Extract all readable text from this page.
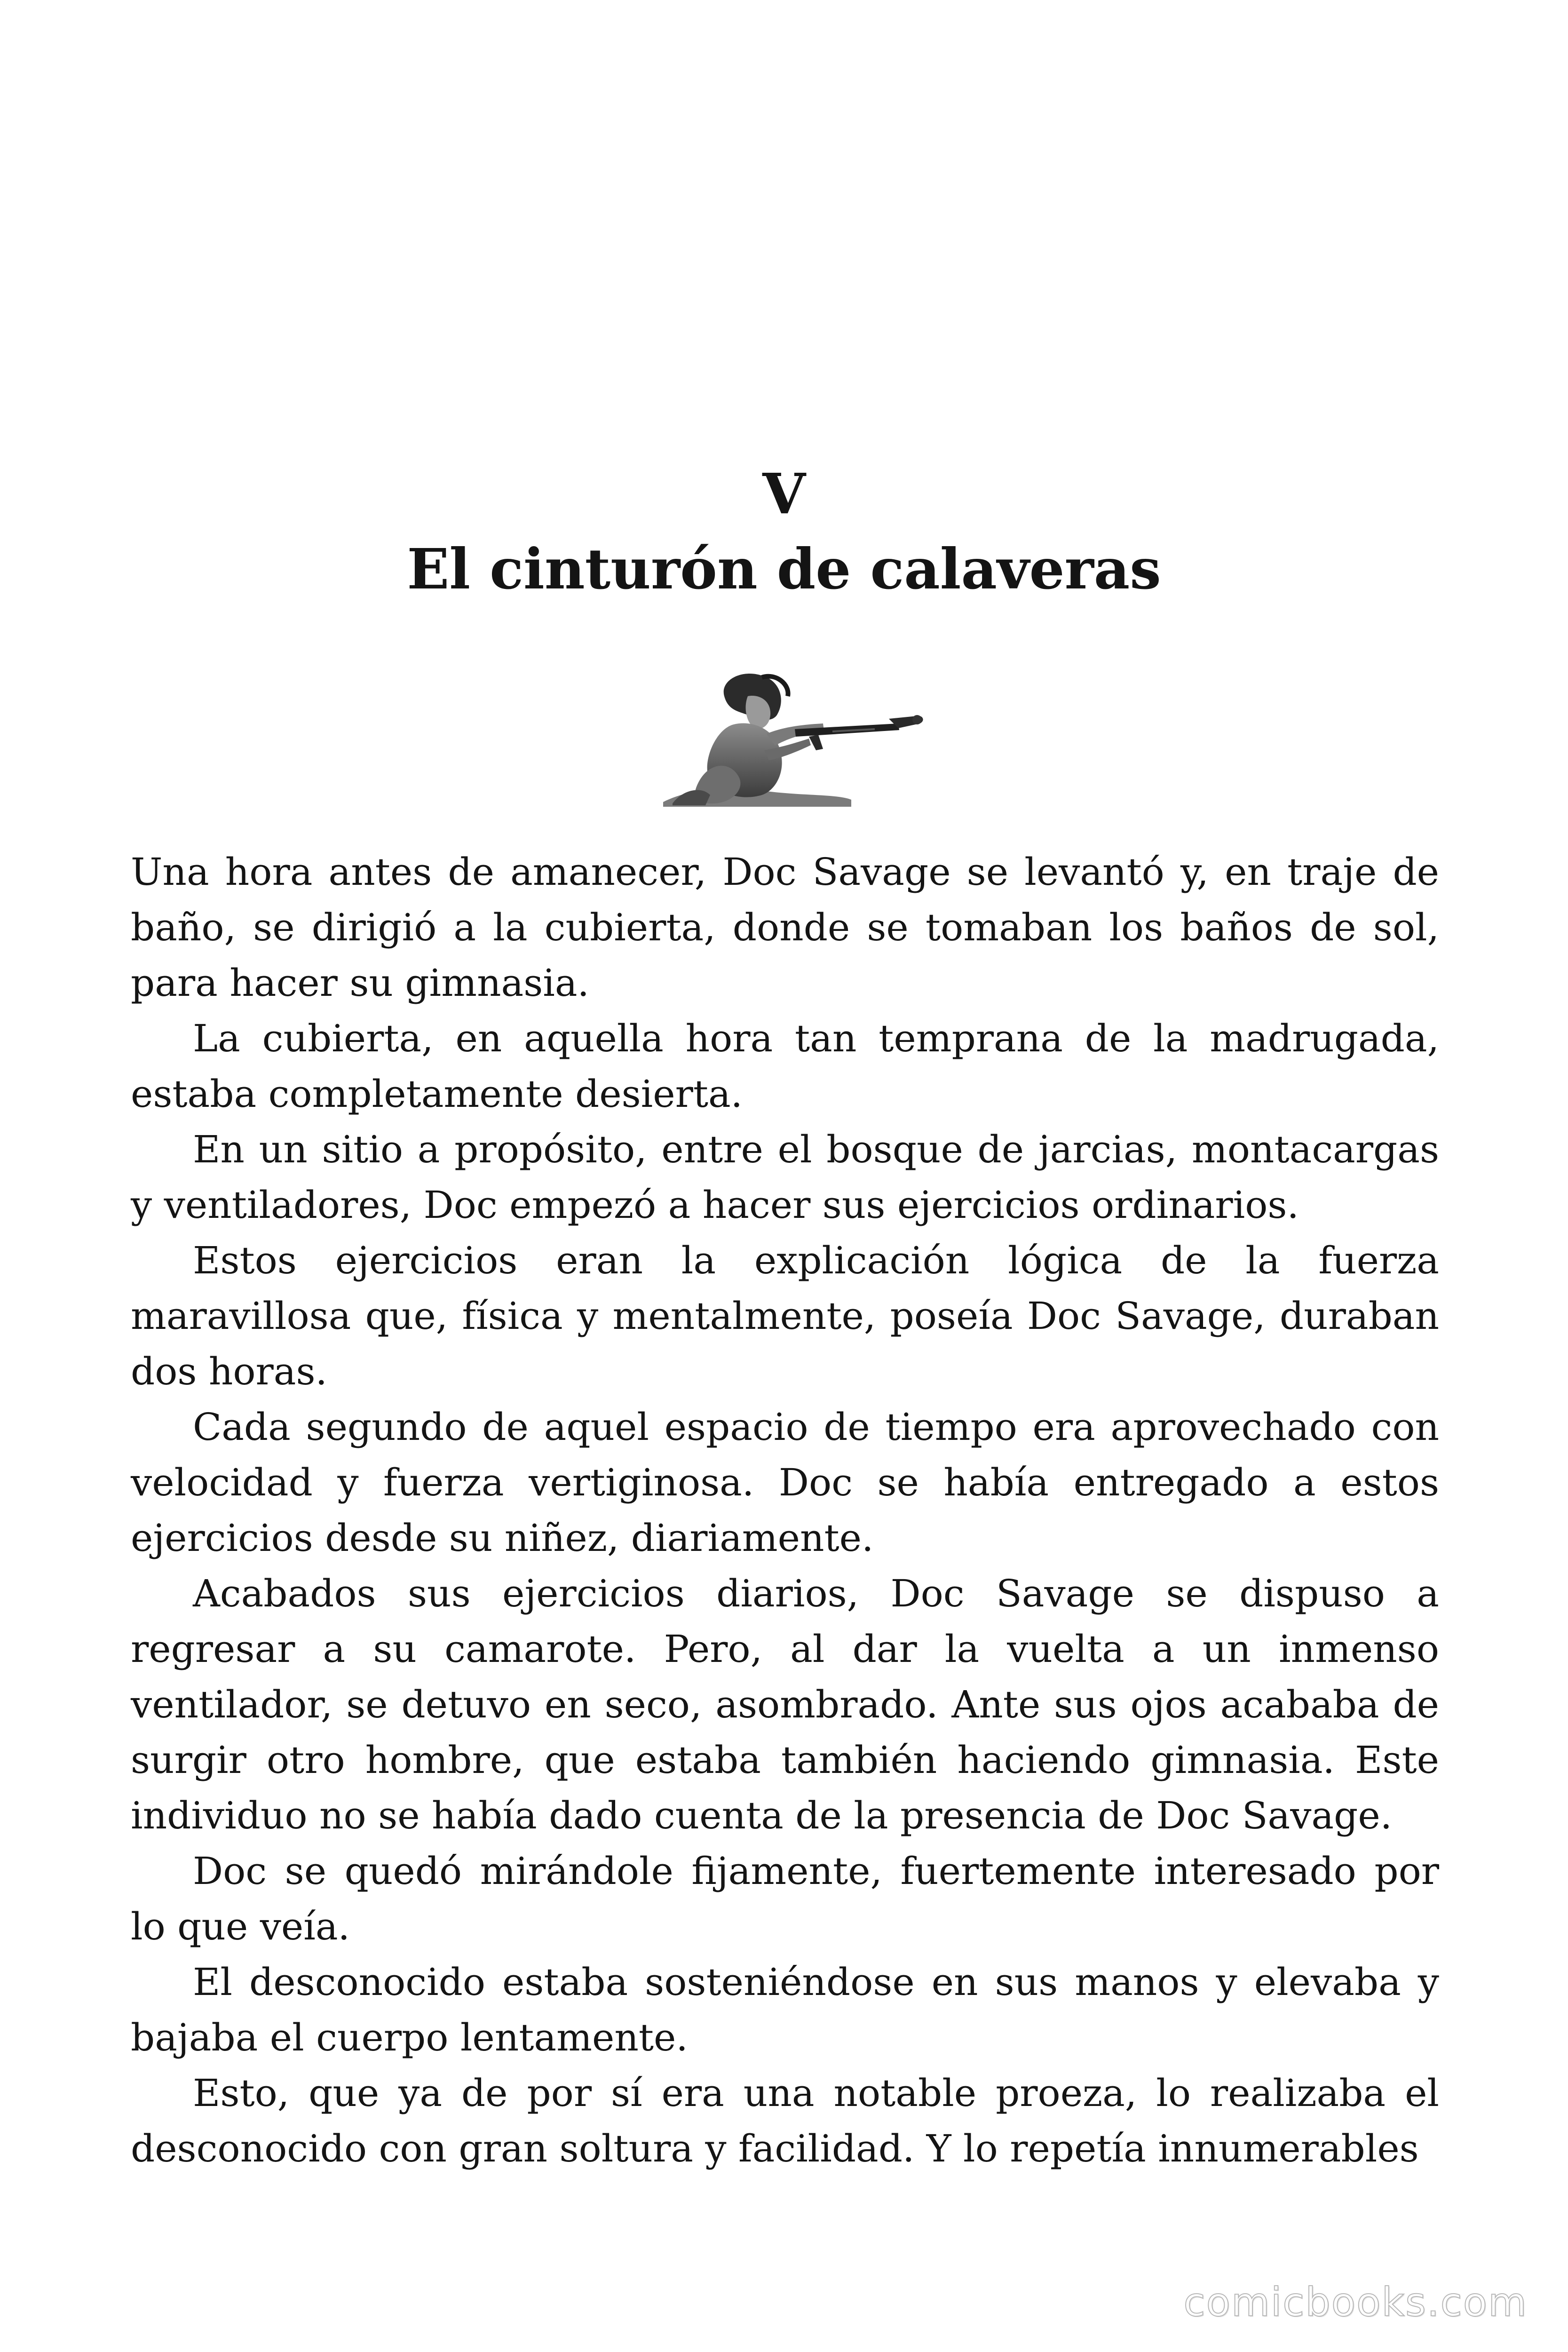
V
El cinturón de calaveras

Una hora antes de amanecer, Doc Savage se levantó y, en traje de baño, se dirigió a la cubierta, donde se tomaban los baños de sol, para hacer su gimnasia.

La cubierta, en aquella hora tan temprana de la madrugada, estaba completamente desierta.

En un sitio a propósito, entre el bosque de jarcias, montacargas y ventiladores, Doc empezó a hacer sus ejercicios ordinarios.

Estos ejercicios eran la explicación lógica de la fuerza maravillosa que, física y mentalmente, poseía Doc Savage, duraban dos horas.

Cada segundo de aquel espacio de tiempo era aprovechado con velocidad y fuerza vertiginosa. Doc se había entregado a estos ejercicios desde su niñez, diariamente.

Acabados sus ejercicios diarios, Doc Savage se dispuso a regresar a su camarote. Pero, al dar la vuelta a un inmenso ventilador, se detuvo en seco, asombrado. Ante sus ojos acababa de surgir otro hombre, que estaba también haciendo gimnasia. Este individuo no se había dado cuenta de la presencia de Doc Savage.

Doc se quedó mirándole fijamente, fuertemente interesado por lo que veía.

El desconocido estaba sosteniéndose en sus manos y elevaba y bajaba el cuerpo lentamente.

Esto, que ya de por sí era una notable proeza, lo realizaba el desconocido con gran soltura y facilidad. Y lo repetía innumerables

comicbooks.com
